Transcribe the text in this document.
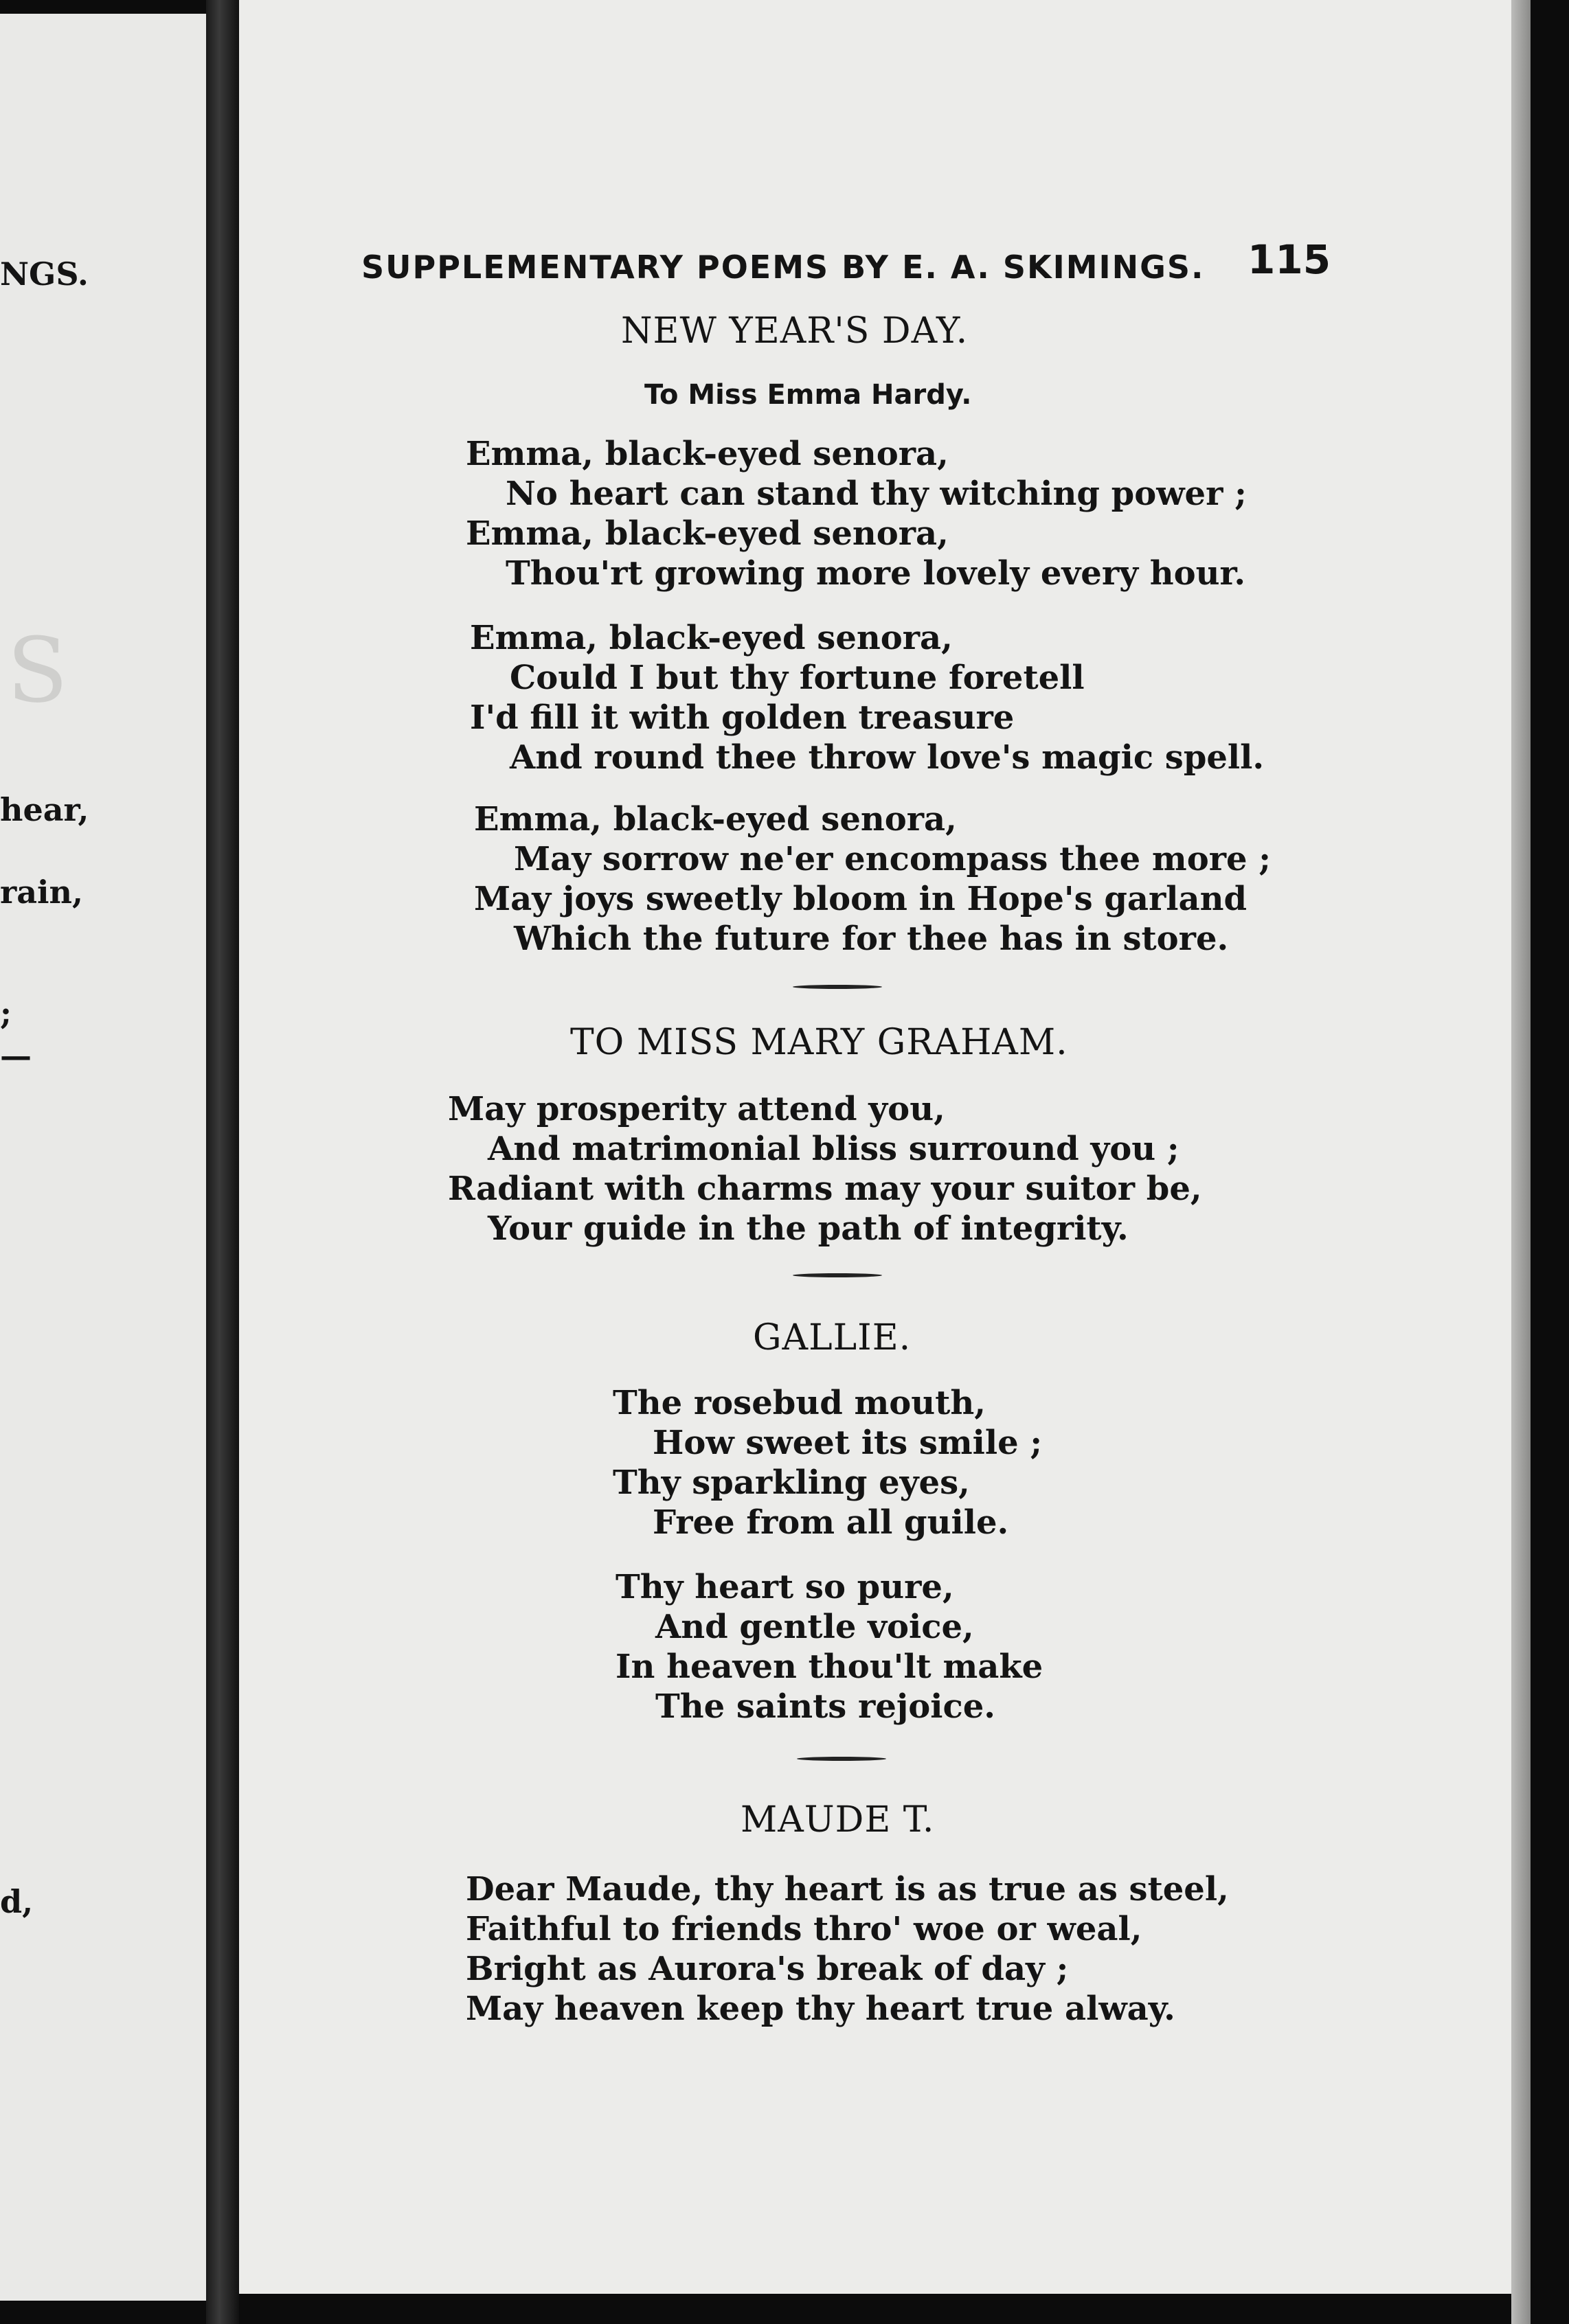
NGS.
S
hear,
rain,
;
—
d,
SUPPLEMENTARY POEMS BY E. A. SKIMINGS. 115
NEW YEAR'S DAY.
To Miss Emma Hardy.
Emma, black-eyed senora,
No heart can stand thy witching power ;
Emma, black-eyed senora,
Thou'rt growing more lovely every hour.
Emma, black-eyed senora,
Could I but thy fortune foretell
I'd fill it with golden treasure
And round thee throw love's magic spell.
Emma, black-eyed senora,
May sorrow ne'er encompass thee more ;
May joys sweetly bloom in Hope's garland
Which the future for thee has in store.
TO MISS MARY GRAHAM.
May prosperity attend you,
And matrimonial bliss surround you ;
Radiant with charms may your suitor be,
Your guide in the path of integrity.
GALLIE.
The rosebud mouth,
How sweet its smile ;
Thy sparkling eyes,
Free from all guile.
Thy heart so pure,
And gentle voice,
In heaven thou'lt make
The saints rejoice.
MAUDE T.
Dear Maude, thy heart is as true as steel,
Faithful to friends thro' woe or weal,
Bright as Aurora's break of day ;
May heaven keep thy heart true alway.
